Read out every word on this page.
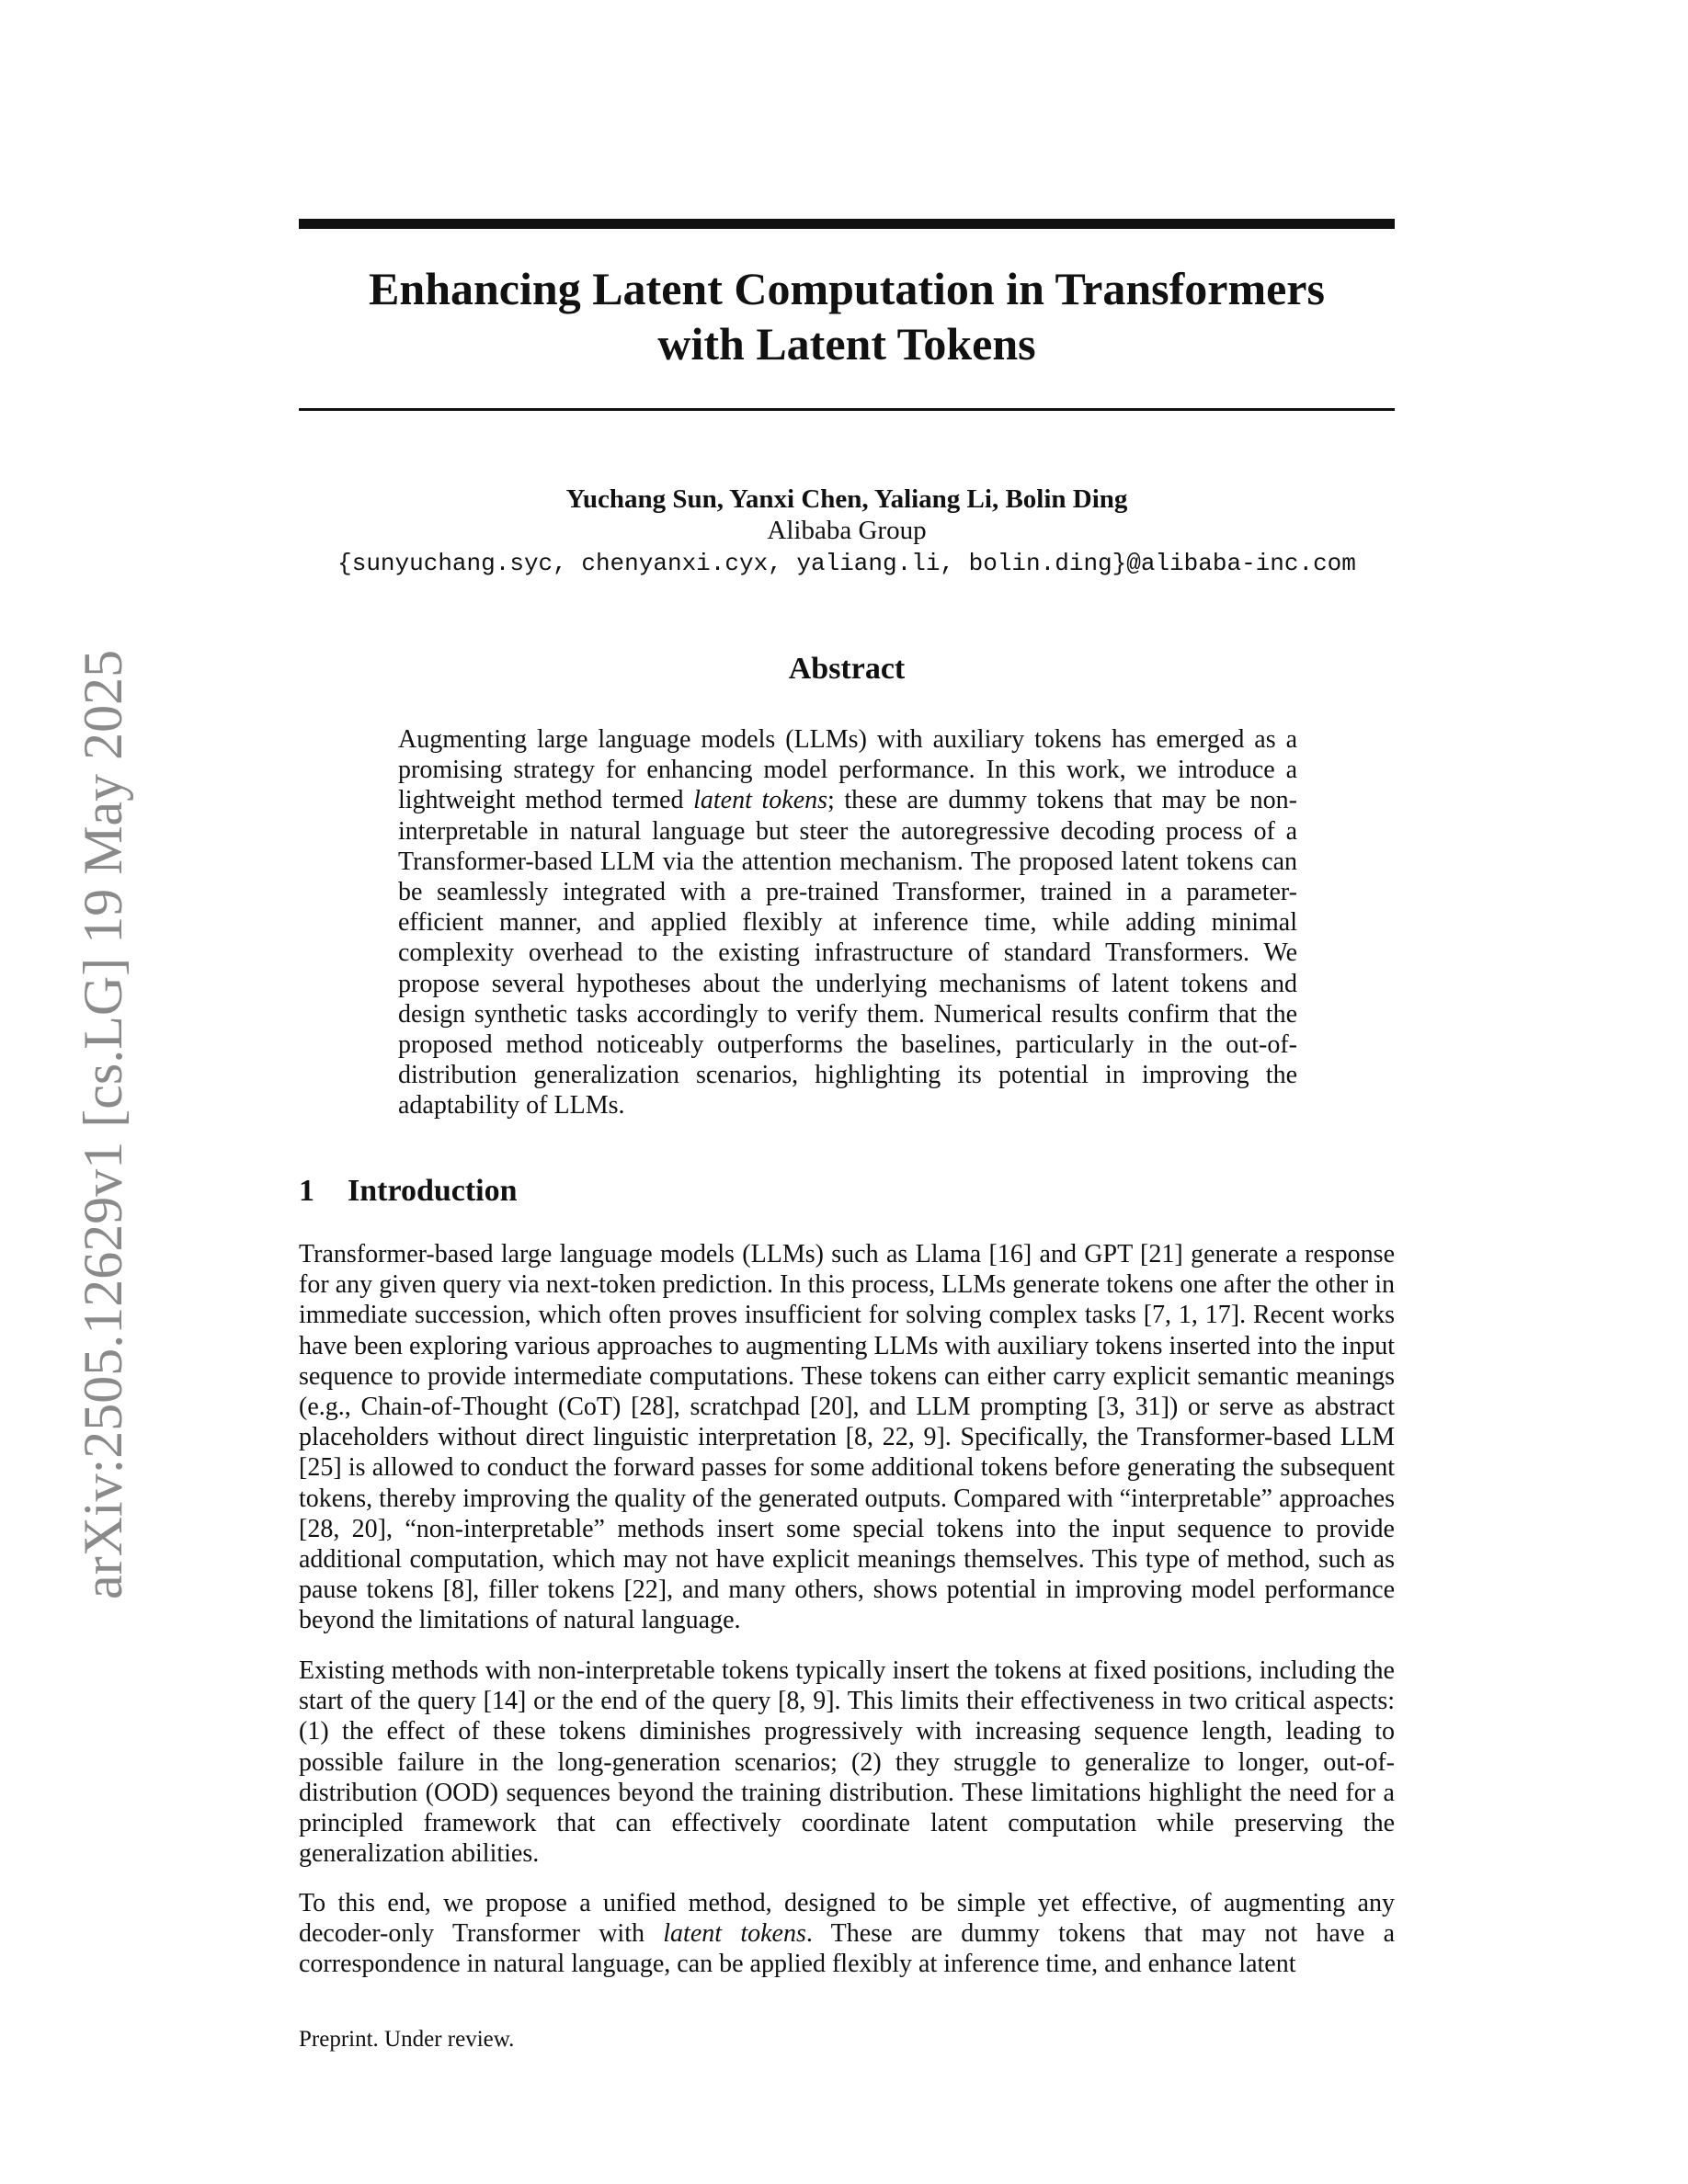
arXiv:2505.12629v1 [cs.LG] 19 May 2025
Enhancing Latent Computation in Transformers
with Latent Tokens
Yuchang Sun, Yanxi Chen, Yaliang Li, Bolin Ding
Alibaba Group
{sunyuchang.syc, chenyanxi.cyx, yaliang.li, bolin.ding}@alibaba-inc.com
Abstract

Augmenting large language models (LLMs) with auxiliary tokens has emerged as a promising strategy for enhancing model performance. In this work, we introduce a lightweight method termed latent tokens; these are dummy tokens that may be non-interpretable in natural language but steer the autoregressive decoding process of a Transformer-based LLM via the attention mechanism. The proposed latent tokens can be seamlessly integrated with a pre-trained Transformer, trained in a parameter-efficient manner, and applied flexibly at inference time, while adding minimal complexity overhead to the existing infrastructure of standard Transformers. We propose several hypotheses about the underlying mechanisms of latent tokens and design synthetic tasks accordingly to verify them. Numerical results confirm that the proposed method noticeably outperforms the baselines, particularly in the out-of-distribution generalization scenarios, highlighting its potential in improving the adaptability of LLMs.

1 Introduction

Transformer-based large language models (LLMs) such as Llama [16] and GPT [21] generate a response for any given query via next-token prediction. In this process, LLMs generate tokens one after the other in immediate succession, which often proves insufficient for solving complex tasks [7, 1, 17]. Recent works have been exploring various approaches to augmenting LLMs with auxiliary tokens inserted into the input sequence to provide intermediate computations. These tokens can either carry explicit semantic meanings (e.g., Chain-of-Thought (CoT) [28], scratchpad [20], and LLM prompting [3, 31]) or serve as abstract placeholders without direct linguistic interpretation [8, 22, 9]. Specifically, the Transformer-based LLM [25] is allowed to conduct the forward passes for some additional tokens before generating the subsequent tokens, thereby improving the quality of the generated outputs. Compared with “interpretable” approaches [28, 20], “non-interpretable” methods insert some special tokens into the input sequence to provide additional computation, which may not have explicit meanings themselves. This type of method, such as pause tokens [8], filler tokens [22], and many others, shows potential in improving model performance beyond the limitations of natural language.

Existing methods with non-interpretable tokens typically insert the tokens at fixed positions, including the start of the query [14] or the end of the query [8, 9]. This limits their effectiveness in two critical aspects: (1) the effect of these tokens diminishes progressively with increasing sequence length, leading to possible failure in the long-generation scenarios; (2) they struggle to generalize to longer, out-of-distribution (OOD) sequences beyond the training distribution. These limitations highlight the need for a principled framework that can effectively coordinate latent computation while preserving the generalization abilities.

To this end, we propose a unified method, designed to be simple yet effective, of augmenting any decoder-only Transformer with latent tokens. These are dummy tokens that may not have a correspondence in natural language, can be applied flexibly at inference time, and enhance latent

Preprint. Under review.
